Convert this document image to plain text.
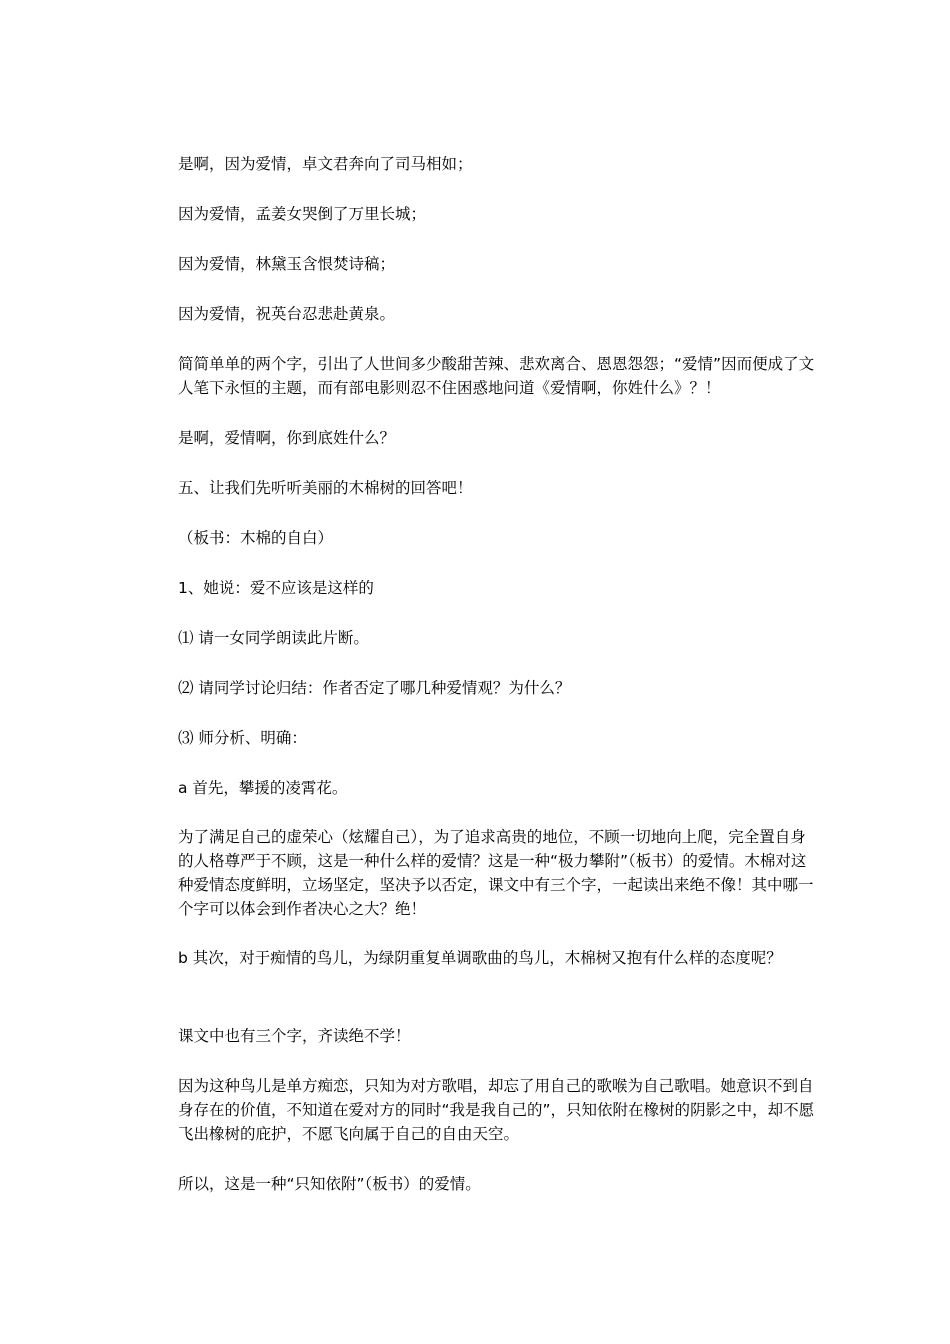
是啊，因为爱情，卓文君奔向了司马相如；

因为爱情，孟姜女哭倒了万里长城；

因为爱情，林黛玉含恨焚诗稿；

因为爱情，祝英台忍悲赴黄泉。

简简单单的两个字，引出了人世间多少酸甜苦辣、悲欢离合、恩恩怨怨；“爱情”因而便成了文人笔下永恒的主题，而有部电影则忍不住困惑地问道《爱情啊，你姓什么》？！

是啊，爱情啊，你到底姓什么？

五、让我们先听听美丽的木棉树的回答吧！

（板书：木棉的自白）

1、她说：爱不应该是这样的

⑴ 请一女同学朗读此片断。

⑵ 请同学讨论归结：作者否定了哪几种爱情观？为什么？

⑶ 师分析、明确：

a 首先，攀援的凌霄花。

为了满足自己的虚荣心（炫耀自己），为了追求高贵的地位，不顾一切地向上爬，完全置自身的人格尊严于不顾，这是一种什么样的爱情？这是一种“极力攀附”（板书）的爱情。木棉对这种爱情态度鲜明，立场坚定，坚决予以否定，课文中有三个字，一起读出来绝不像！其中哪一个字可以体会到作者决心之大？绝！

b 其次，对于痴情的鸟儿，为绿阴重复单调歌曲的鸟儿，木棉树又抱有什么样的态度呢？

课文中也有三个字，齐读绝不学！

因为这种鸟儿是单方痴恋，只知为对方歌唱，却忘了用自己的歌喉为自己歌唱。她意识不到自身存在的价值，不知道在爱对方的同时“我是我自己的”，只知依附在橡树的阴影之中，却不愿飞出橡树的庇护，不愿飞向属于自己的自由天空。

所以，这是一种“只知依附”（板书）的爱情。
